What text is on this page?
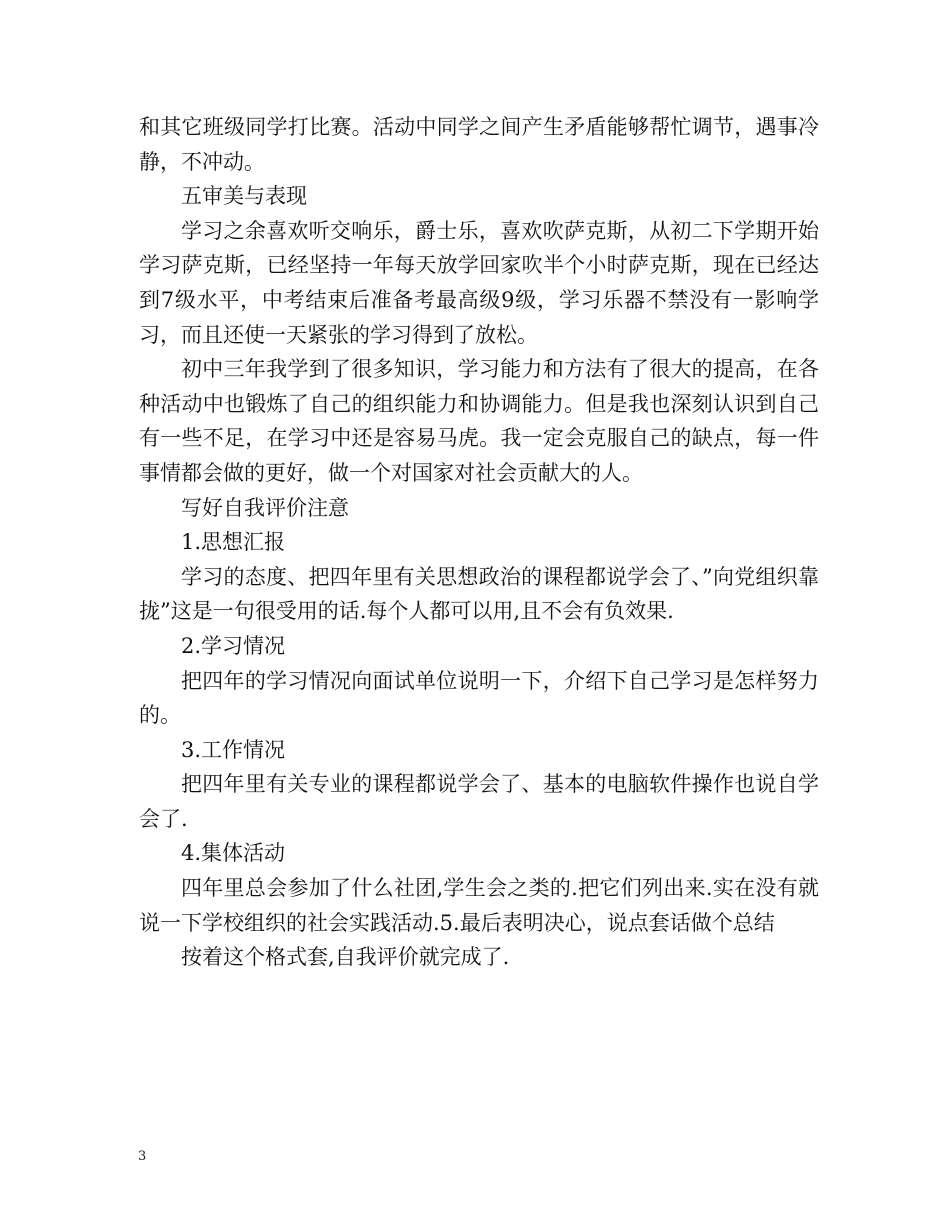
和其它班级同学打比赛。活动中同学之间产生矛盾能够帮忙调节，遇事冷静，不冲动。

五审美与表现

学习之余喜欢听交响乐，爵士乐，喜欢吹萨克斯，从初二下学期开始学习萨克斯，已经坚持一年每天放学回家吹半个小时萨克斯，现在已经达到7级水平，中考结束后准备考最高级9级，学习乐器不禁没有一影响学习，而且还使一天紧张的学习得到了放松。

初中三年我学到了很多知识，学习能力和方法有了很大的提高，在各种活动中也锻炼了自己的组织能力和协调能力。但是我也深刻认识到自己有一些不足，在学习中还是容易马虎。我一定会克服自己的缺点，每一件事情都会做的更好，做一个对国家对社会贡献大的人。

写好自我评价注意

1.思想汇报

学习的态度、把四年里有关思想政治的课程都说学会了、”向党组织靠拢”这是一句很受用的话.每个人都可以用,且不会有负效果.

2.学习情况

把四年的学习情况向面试单位说明一下，介绍下自己学习是怎样努力的。

3.工作情况

把四年里有关专业的课程都说学会了、基本的电脑软件操作也说自学会了.

4.集体活动

四年里总会参加了什么社团,学生会之类的.把它们列出来.实在没有就说一下学校组织的社会实践活动.5.最后表明决心，说点套话做个总结

按着这个格式套,自我评价就完成了.

3
